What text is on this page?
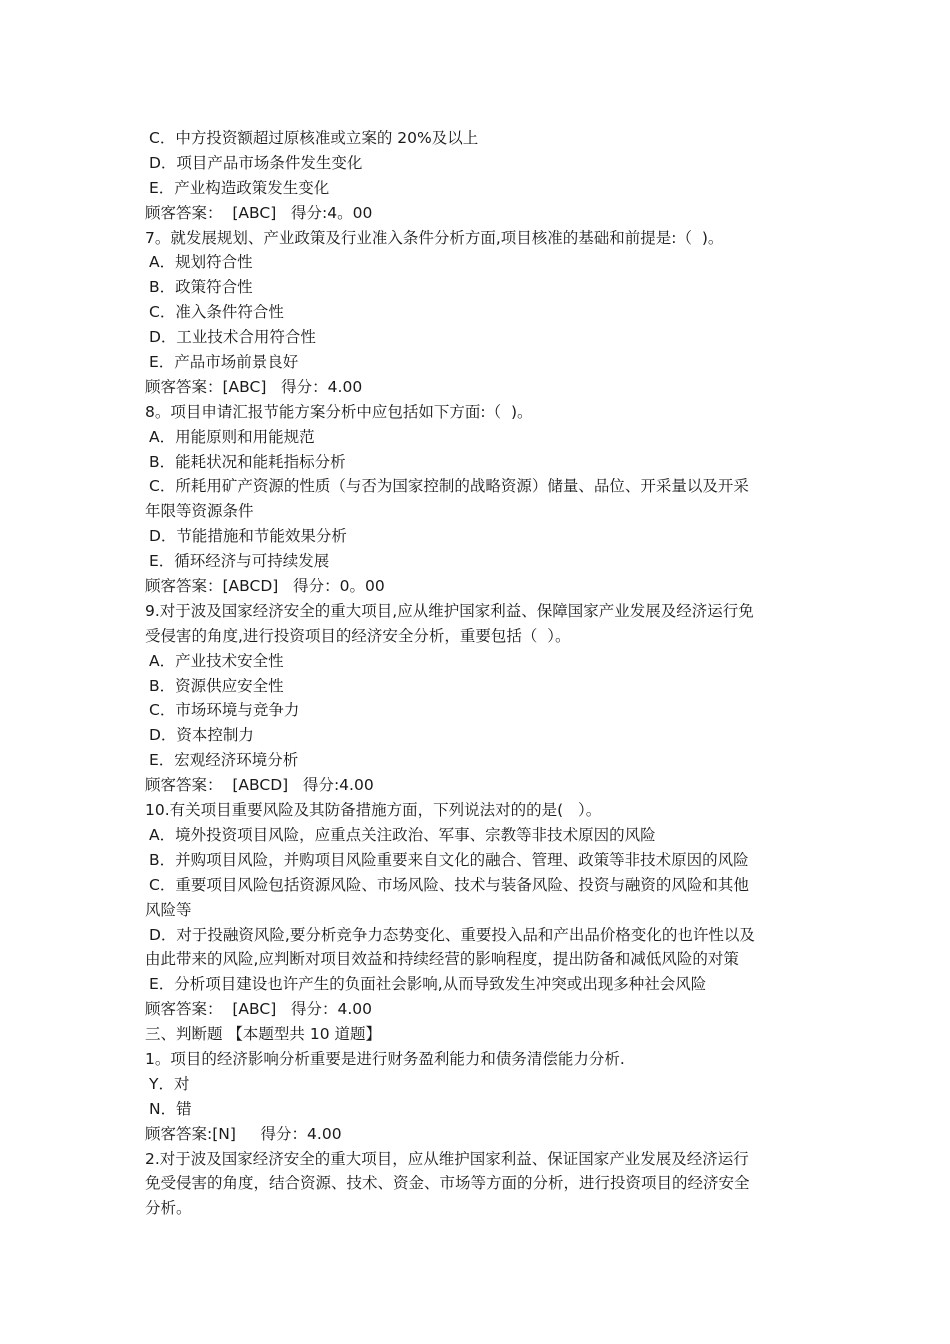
C．中方投资额超过原核准或立案的 20%及以上
D．项目产品市场条件发生变化
E．产业构造政策发生变化
顾客答案：  [ABC]   得分:4。00
7。就发展规划、产业政策及行业准入条件分析方面,项目核准的基础和前提是:（  )。
A．规划符合性
B．政策符合性
C．准入条件符合性
D．工业技术合用符合性
E．产品市场前景良好
顾客答案：[ABC]   得分：4.00
8。项目申请汇报节能方案分析中应包括如下方面:（  )。
A．用能原则和用能规范
B．能耗状况和能耗指标分析
C．所耗用矿产资源的性质（与否为国家控制的战略资源）储量、品位、开采量以及开采
年限等资源条件
D．节能措施和节能效果分析
E．循环经济与可持续发展
顾客答案：[ABCD]   得分：0。00
9.对于波及国家经济安全的重大项目,应从维护国家利益、保障国家产业发展及经济运行免
受侵害的角度,进行投资项目的经济安全分析，重要包括（  ）。
A．产业技术安全性
B．资源供应安全性
C．市场环境与竞争力
D．资本控制力
E．宏观经济环境分析
顾客答案：  [ABCD]   得分:4.00
10.有关项目重要风险及其防备措施方面，下列说法对的的是(   ）。
A．境外投资项目风险，应重点关注政治、军事、宗教等非技术原因的风险
B．并购项目风险，并购项目风险重要来自文化的融合、管理、政策等非技术原因的风险
C．重要项目风险包括资源风险、市场风险、技术与装备风险、投资与融资的风险和其他
风险等
D．对于投融资风险,要分析竞争力态势变化、重要投入品和产出品价格变化的也许性以及
由此带来的风险,应判断对项目效益和持续经营的影响程度，提出防备和减低风险的对策
E．分析项目建设也许产生的负面社会影响,从而导致发生冲突或出现多种社会风险
顾客答案：  [ABC]   得分：4.00
三、判断题 【本题型共 10 道题】
1。项目的经济影响分析重要是进行财务盈利能力和债务清偿能力分析.
Y．对
N．错
顾客答案:[N]     得分：4.00
2.对于波及国家经济安全的重大项目，应从维护国家利益、保证国家产业发展及经济运行
免受侵害的角度，结合资源、技术、资金、市场等方面的分析，进行投资项目的经济安全
分析。
